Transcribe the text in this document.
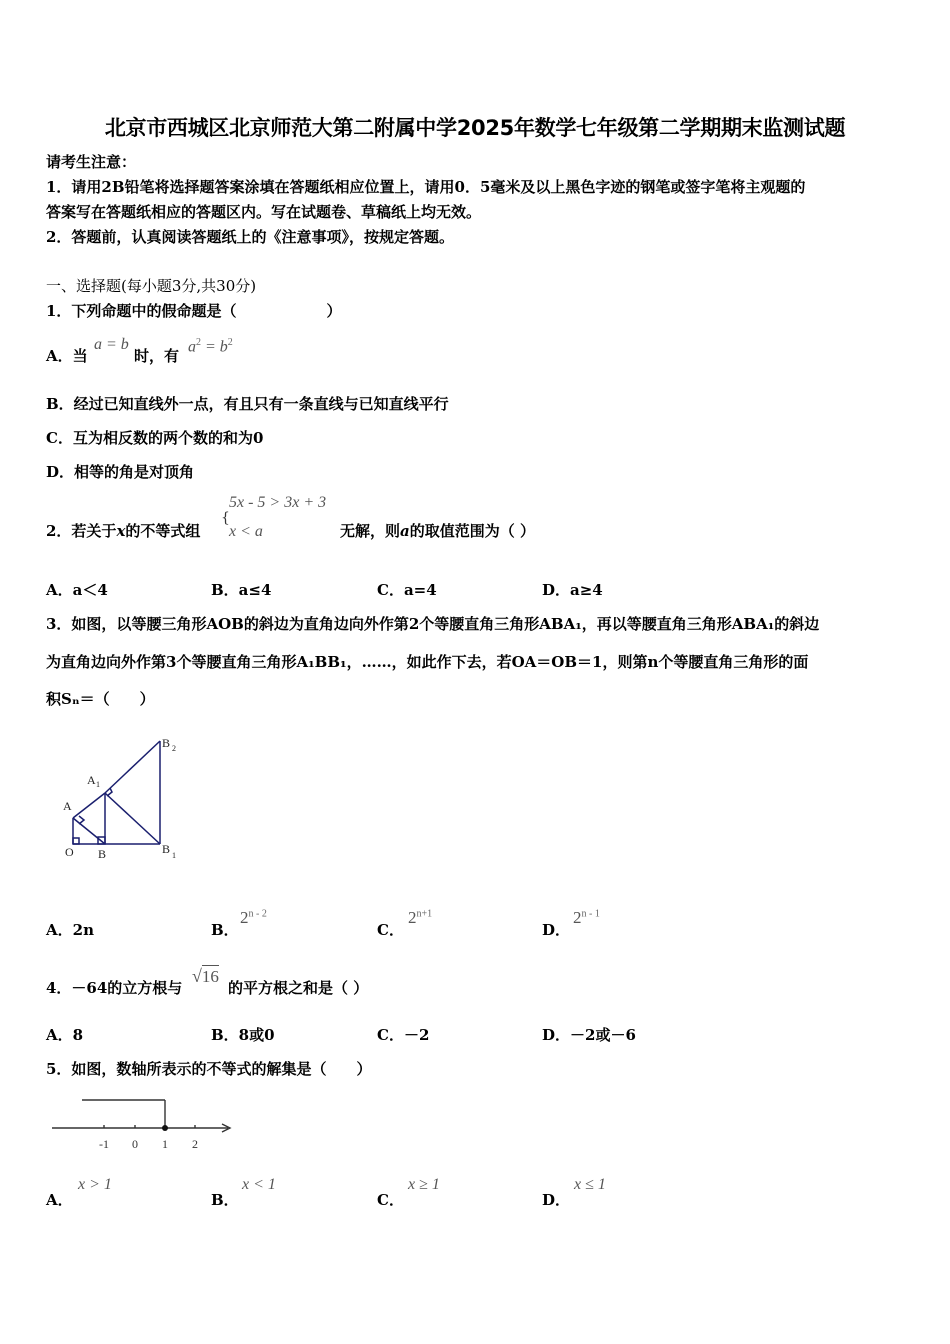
北京市西城区北京师范大第二附属中学2025年数学七年级第二学期期末监测试题
请考生注意：
1．请用2B铅笔将选择题答案涂填在答题纸相应位置上，请用0．5毫米及以上黑色字迹的钢笔或签字笔将主观题的
答案写在答题纸相应的答题区内。写在试题卷、草稿纸上均无效。
2．答题前，认真阅读答题纸上的《注意事项》，按规定答题。
一、选择题(每小题3分,共30分)
1．下列命题中的假命题是（　　　　　　）
A．当
a = b
时，有
$a^2 = b^2$
B．经过已知直线外一点，有且只有一条直线与已知直线平行
C．互为相反数的两个数的和为0
D．相等的角是对顶角
2．若关于x的不等式组
{
5x - 5 > 3x + 3
x < a	无解，则a的取值范围为（ ）
A．a＜4	B．a≤4	C．a=4	D．a≥4
3．如图，以等腰三角形AOB的斜边为直角边向外作第2个等腰直角三角形ABA₁，再以等腰直角三角形ABA₁的斜边
为直角边向外作第3个等腰直角三角形A₁BB₁，……，如此作下去，若OA＝OB＝1，则第n个等腰直角三角形的面
积Sₙ＝（　　）
B 2
A 1
A
O B	B 1
A．2n	B．
2$^{n - 2}$
C．
$2^{n+1}$
D．
2$^{n - 1}$
4．－64的立方根与
√16
的平方根之和是（ ）
A．8	B．8或0	C．－2	D．－2或－6
5．如图，数轴所表示的不等式的解集是（　　）
-1 0 1 2
A．
x > 1
B．
x < 1
C．
x ≥ 1
D．
x ≤ 1
